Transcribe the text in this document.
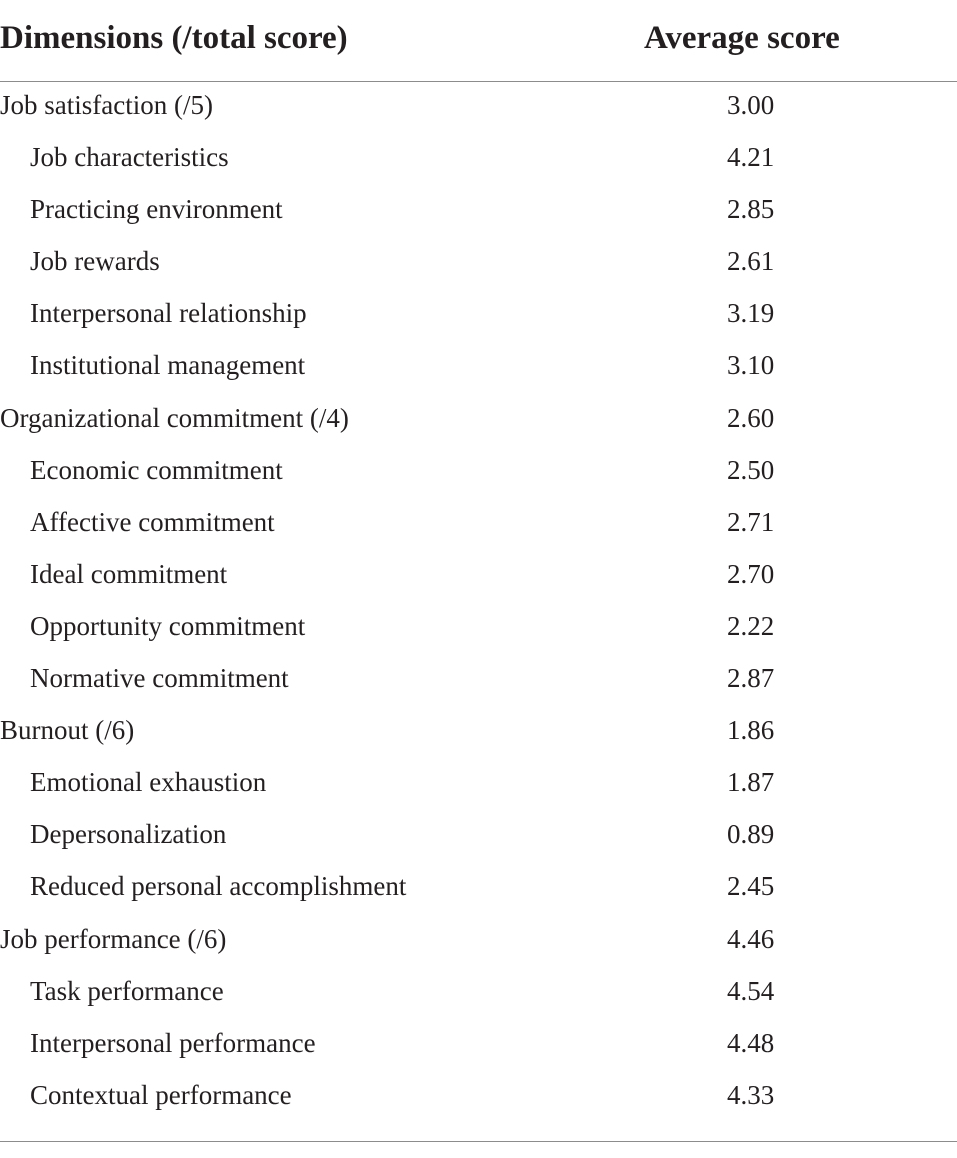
Dimensions (/total score)	Average score
Job satisfaction (/5)	3.00
Job characteristics	4.21
Practicing environment	2.85
Job rewards	2.61
Interpersonal relationship	3.19
Institutional management	3.10
Organizational commitment (/4)	2.60
Economic commitment	2.50
Affective commitment	2.71
Ideal commitment	2.70
Opportunity commitment	2.22
Normative commitment	2.87
Burnout (/6)	1.86
Emotional exhaustion	1.87
Depersonalization	0.89
Reduced personal accomplishment	2.45
Job performance (/6)	4.46
Task performance	4.54
Interpersonal performance	4.48
Contextual performance	4.33
